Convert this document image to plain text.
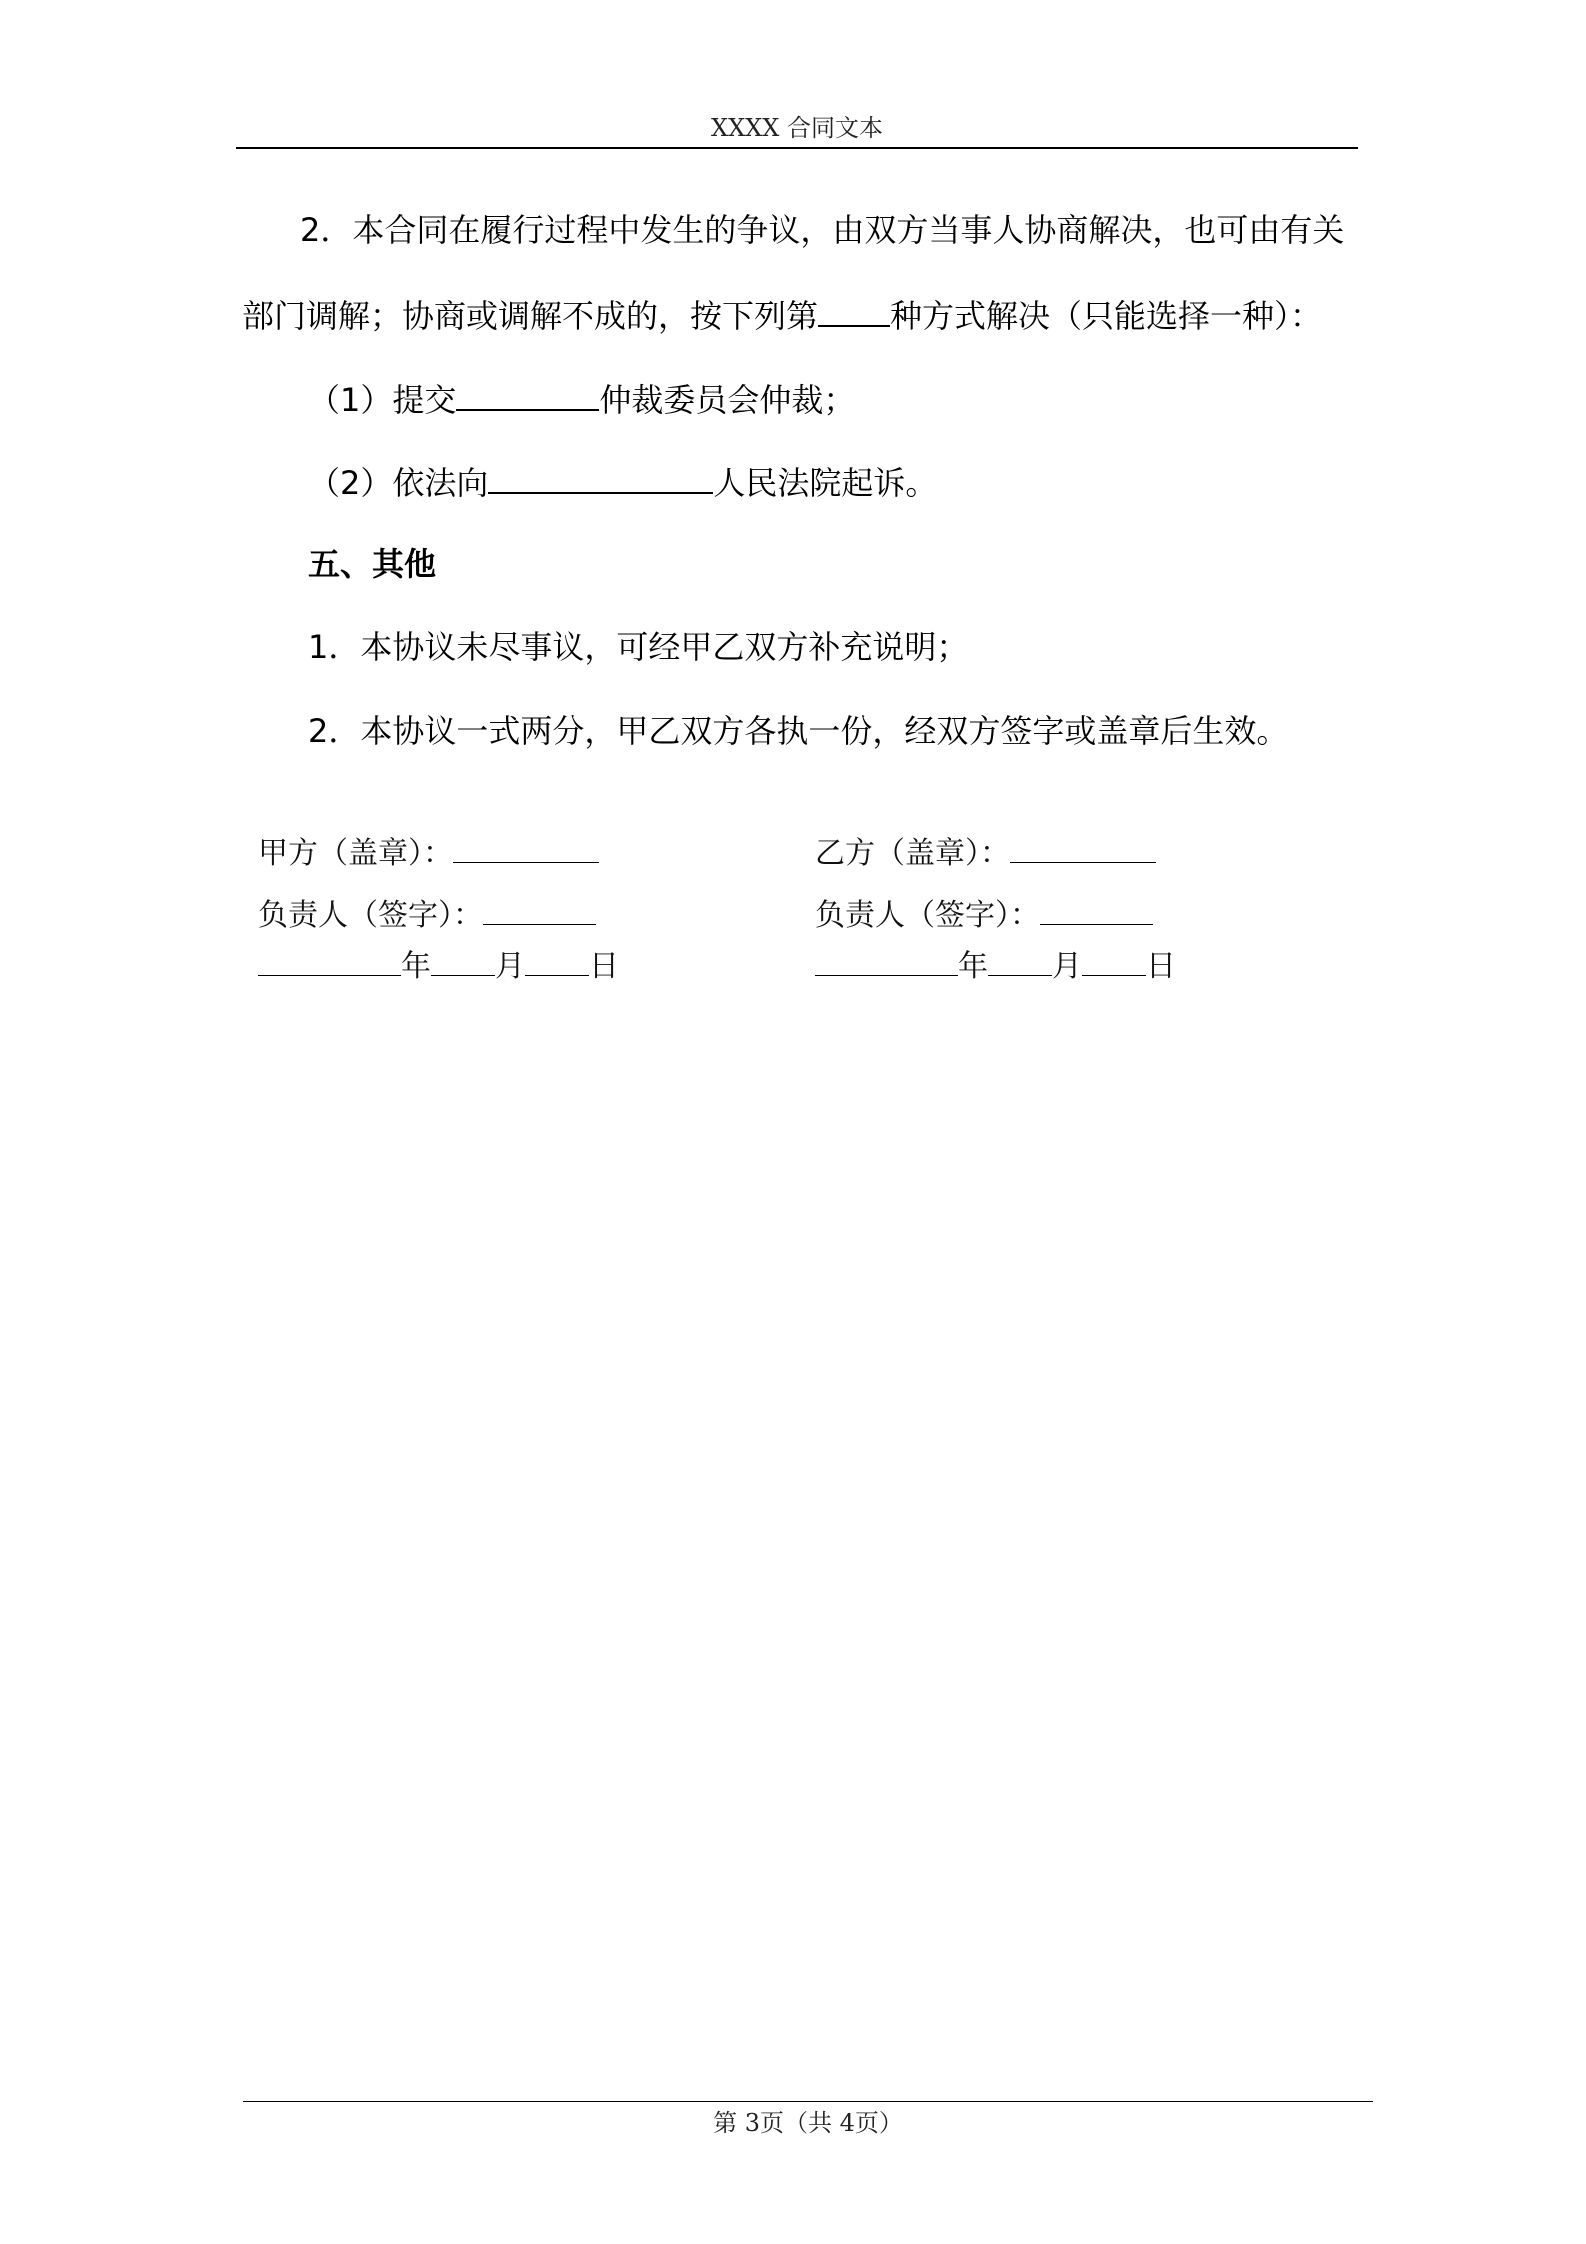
XXXX 合同文本
2．本合同在履行过程中发生的争议，由双方当事人协商解决，也可由有关
部门调解；协商或调解不成的，按下列第 种方式解决（只能选择一种）：
（1）提交	仲裁委员会仲裁；
（2）依法向	人民法院起诉。
五、其他
1．本协议未尽事议，可经甲乙双方补充说明；
2．本协议一式两分，甲乙双方各执一份，经双方签字或盖章后生效。
甲方（盖章）：
负责人（签字）：
年 月 日
乙方（盖章）：
负责人（签字）：
年 月 日
第 3页（共 4页）
